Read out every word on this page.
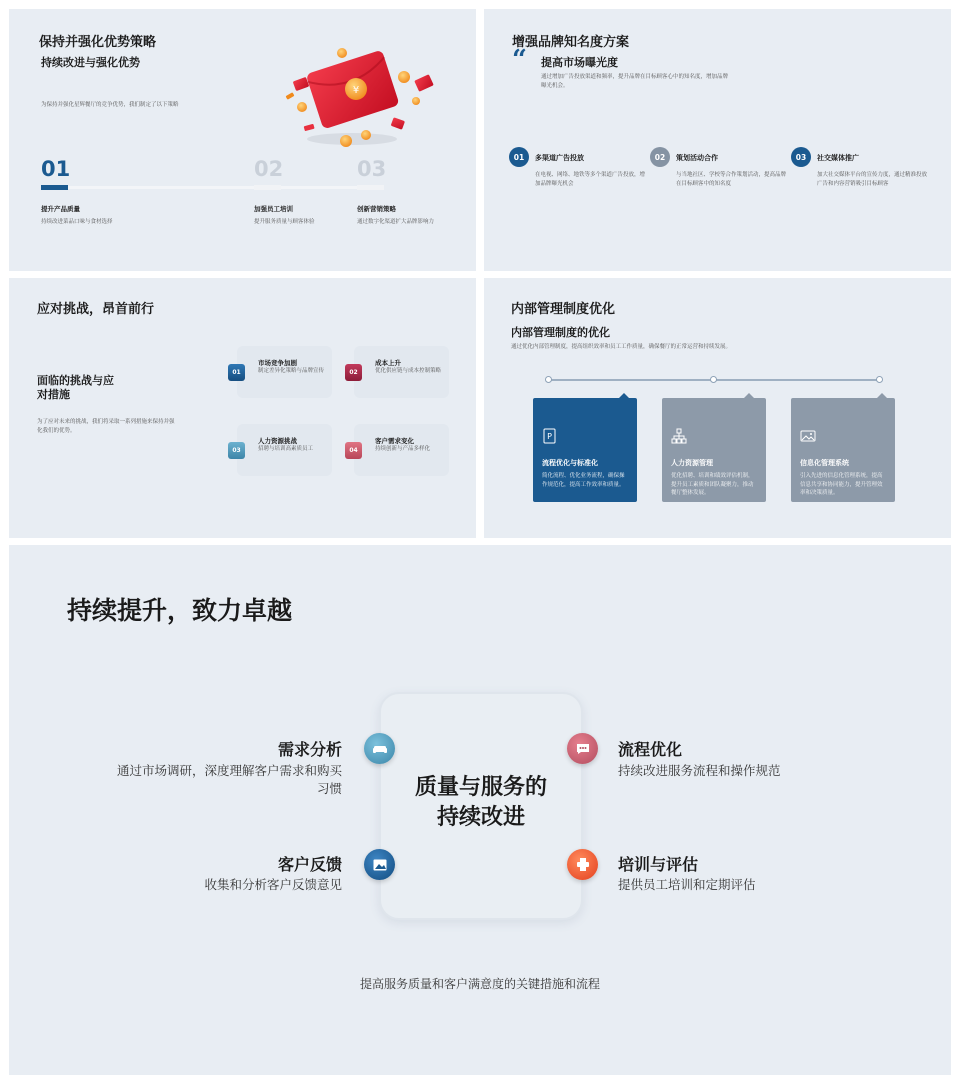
保持并强化优势策略
持续改进与强化优势
为保持并强化星辉餐厅的竞争优势，我们制定了以下策略
¥
01
提升产品质量
持续改进菜品口味与食材选择
02
加强员工培训
提升服务质量与顾客体验
03
创新营销策略
通过数字化渠道扩大品牌影响力
增强品牌知名度方案
“ 提高市场曝光度
通过增加广告投放渠道和频率，提升品牌在目标顾客心中的知名度，增加品牌曝光机会。
01	多渠道广告投放
在电视、网络、地铁等多个渠道广告投放，增加品牌曝光机会
02	策划活动合作
与当地社区、学校等合作策划活动，提高品牌在目标顾客中的知名度
03	社交媒体推广
加大社交媒体平台的宣传力度，通过精准投放广告和内容营销吸引目标顾客
应对挑战，昂首前行
面临的挑战与应
对措施
为了应对未来的挑战，我们将采取一系列措施来保持并强化我们的优势。
01
市场竞争加剧
制定差异化策略与品牌宣传	02
成本上升
优化供应链与成本控制策略
03
人力资源挑战
招聘与培训高素质员工	04
客户需求变化
持续创新与产品多样化
内部管理制度优化
内部管理制度的优化
通过优化内部管理制度，提高组织效率和员工工作质量，确保餐厅的正常运营和持续发展。
P
流程优化与标准化
简化流程、优化业务流程，确保操作规范化，提高工作效率和质量。
人力资源管理
优化招聘、培训和绩效评估机制，提升员工素质和团队凝聚力，推动餐厅整体发展。
信息化管理系统
引入先进的信息化管理系统，提高信息共享和协同能力，提升管理效率和决策质量。
持续提升，致力卓越
质量与服务的
持续改进
需求分析
通过市场调研，深度理解客户需求和购买习惯
客户反馈
收集和分析客户反馈意见
流程优化
持续改进服务流程和操作规范
培训与评估
提供员工培训和定期评估
提高服务质量和客户满意度的关键措施和流程
